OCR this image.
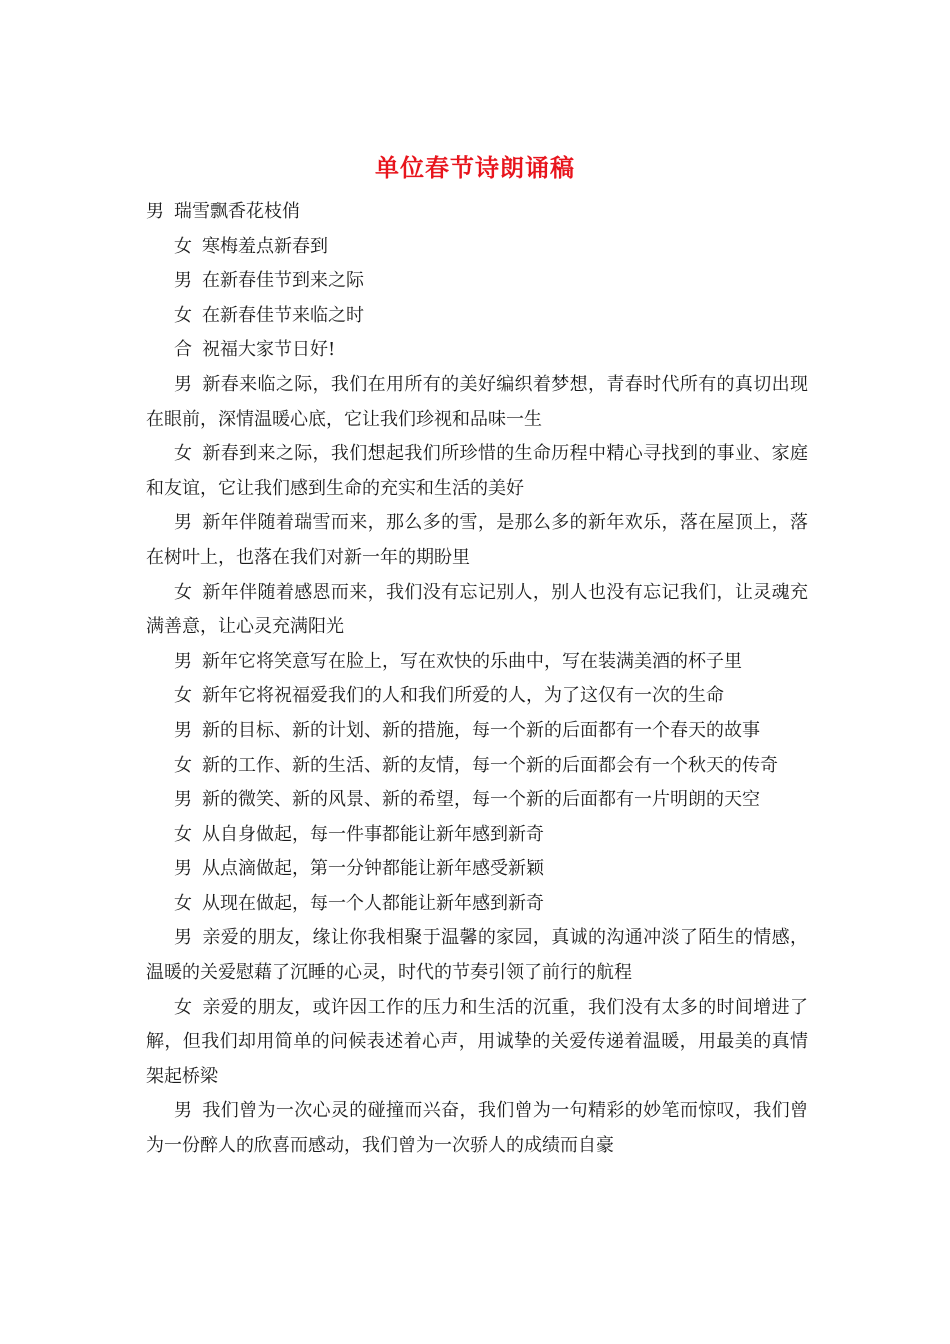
单位春节诗朗诵稿

男 瑞雪飘香花枝俏

女 寒梅羞点新春到

男 在新春佳节到来之际

女 在新春佳节来临之时

合 祝福大家节日好!

男 新春来临之际，我们在用所有的美好编织着梦想，青春时代所有的真切出现在眼前，深情温暖心底，它让我们珍视和品味一生

女 新春到来之际，我们想起我们所珍惜的生命历程中精心寻找到的事业、家庭和友谊，它让我们感到生命的充实和生活的美好

男 新年伴随着瑞雪而来，那么多的雪，是那么多的新年欢乐，落在屋顶上，落在树叶上，也落在我们对新一年的期盼里

女 新年伴随着感恩而来，我们没有忘记别人，别人也没有忘记我们，让灵魂充满善意，让心灵充满阳光

男 新年它将笑意写在脸上，写在欢快的乐曲中，写在装满美酒的杯子里

女 新年它将祝福爱我们的人和我们所爱的人，为了这仅有一次的生命

男 新的目标、新的计划、新的措施，每一个新的后面都有一个春天的故事

女 新的工作、新的生活、新的友情，每一个新的后面都会有一个秋天的传奇

男 新的微笑、新的风景、新的希望，每一个新的后面都有一片明朗的天空

女 从自身做起，每一件事都能让新年感到新奇

男 从点滴做起，第一分钟都能让新年感受新颖

女 从现在做起，每一个人都能让新年感到新奇

男 亲爱的朋友，缘让你我相聚于温馨的家园，真诚的沟通冲淡了陌生的情感，温暖的关爱慰藉了沉睡的心灵，时代的节奏引领了前行的航程

女 亲爱的朋友，或许因工作的压力和生活的沉重，我们没有太多的时间增进了解，但我们却用简单的问候表述着心声，用诚挚的关爱传递着温暖，用最美的真情架起桥梁

男 我们曾为一次心灵的碰撞而兴奋，我们曾为一句精彩的妙笔而惊叹，我们曾为一份醉人的欣喜而感动，我们曾为一次骄人的成绩而自豪
